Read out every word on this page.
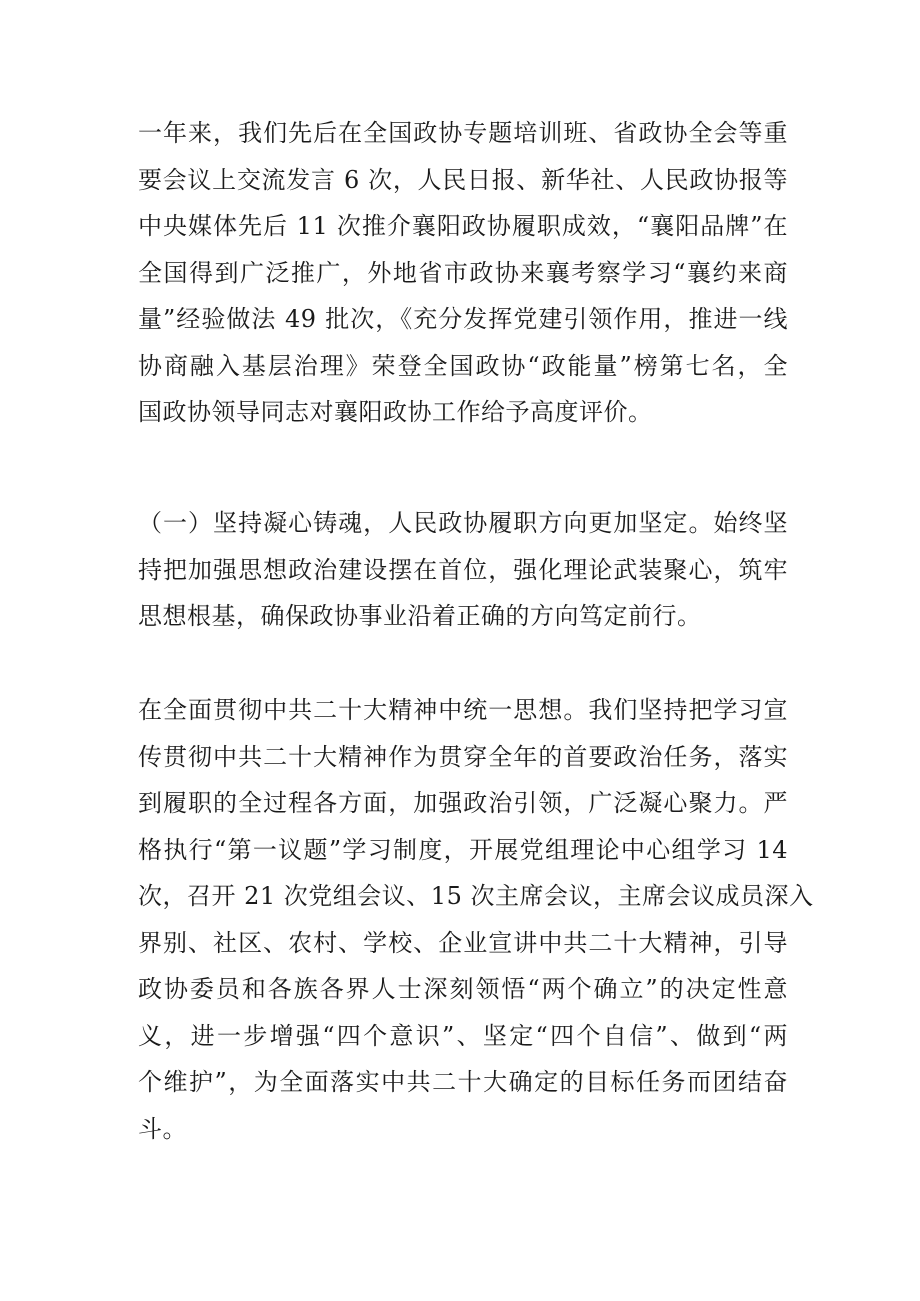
一年来，我们先后在全国政协专题培训班、省政协全会等重
要会议上交流发言 6 次，人民日报、新华社、人民政协报等
中央媒体先后 11 次推介襄阳政协履职成效，“襄阳品牌”在
全国得到广泛推广，外地省市政协来襄考察学习“襄约来商
量”经验做法 49 批次，《充分发挥党建引领作用，推进一线
协商融入基层治理》荣登全国政协“政能量”榜第七名，全
国政协领导同志对襄阳政协工作给予高度评价。
（一）坚持凝心铸魂，人民政协履职方向更加坚定。始终坚
持把加强思想政治建设摆在首位，强化理论武装聚心，筑牢
思想根基，确保政协事业沿着正确的方向笃定前行。
在全面贯彻中共二十大精神中统一思想。我们坚持把学习宣
传贯彻中共二十大精神作为贯穿全年的首要政治任务，落实
到履职的全过程各方面，加强政治引领，广泛凝心聚力。严
格执行“第一议题”学习制度，开展党组理论中心组学习 14
次，召开 21 次党组会议、15 次主席会议，主席会议成员深入
界别、社区、农村、学校、企业宣讲中共二十大精神，引导
政协委员和各族各界人士深刻领悟“两个确立”的决定性意
义，进一步增强“四个意识”、坚定“四个自信”、做到“两
个维护”，为全面落实中共二十大确定的目标任务而团结奋
斗。
